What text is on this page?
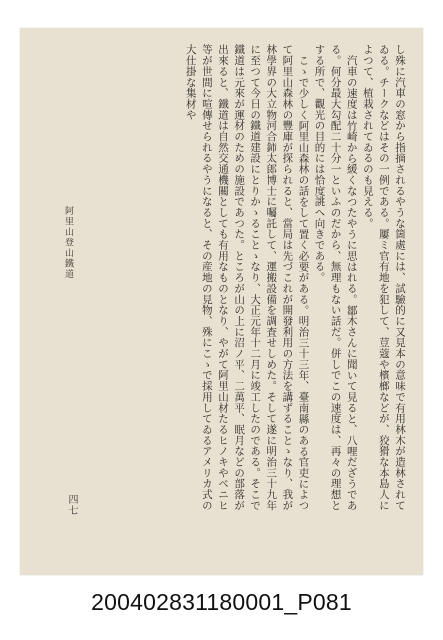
し殊に汽車の窓から指摘されるやうな箇處には、試驗的に又見本の意味で有用林木が造林されてゐる。チークなどはその一例である。屢ミ官有地を犯して、荳蔻や檳榔などが、狡猾な本島人によつて、植栽されてゐるのも見える。

汽車の速度は竹崎から緩くなつたやうに思はれる。鄒木さんに聞いて見ると、八哩だざうである。何分最大勾配二十分一といふのだから、無理もない話だ。併しでこの速度は、再々の理想とする所で、觀光の目的には恰度誂へ向きである。

こゝで少しく阿里山森林の話をして置く必要がある。明治三十三年、臺南縣のある官吏によつて阿里山森林の豐庫が探られると、當局は先づこれが開發利用の方法を講ずることゝなり、我が林學界の大立物河合鈰太郎博士に囑託して、運搬設備を調査せしめた。そして遂に明治三十九年に至つて今日の鐵道建設にとりかゝることゝなり、大正元年十二月に竣工したのである。そこで鐵道は元來が運材のための施設であつた。ところが山の上に沼ノ平、二萬平、眠月などの部落が出來ると、鐵道は自然交通機關としても有用なものとなり、やがて阿里山材たるヒノキやベニヒ等が世間に喧傳せられるやうになると、その産地の見物、殊にこゝで採用してゐるアメリカ式の大仕掛な集材や

阿里山登山鐵道
四七
200402831180001_P081
